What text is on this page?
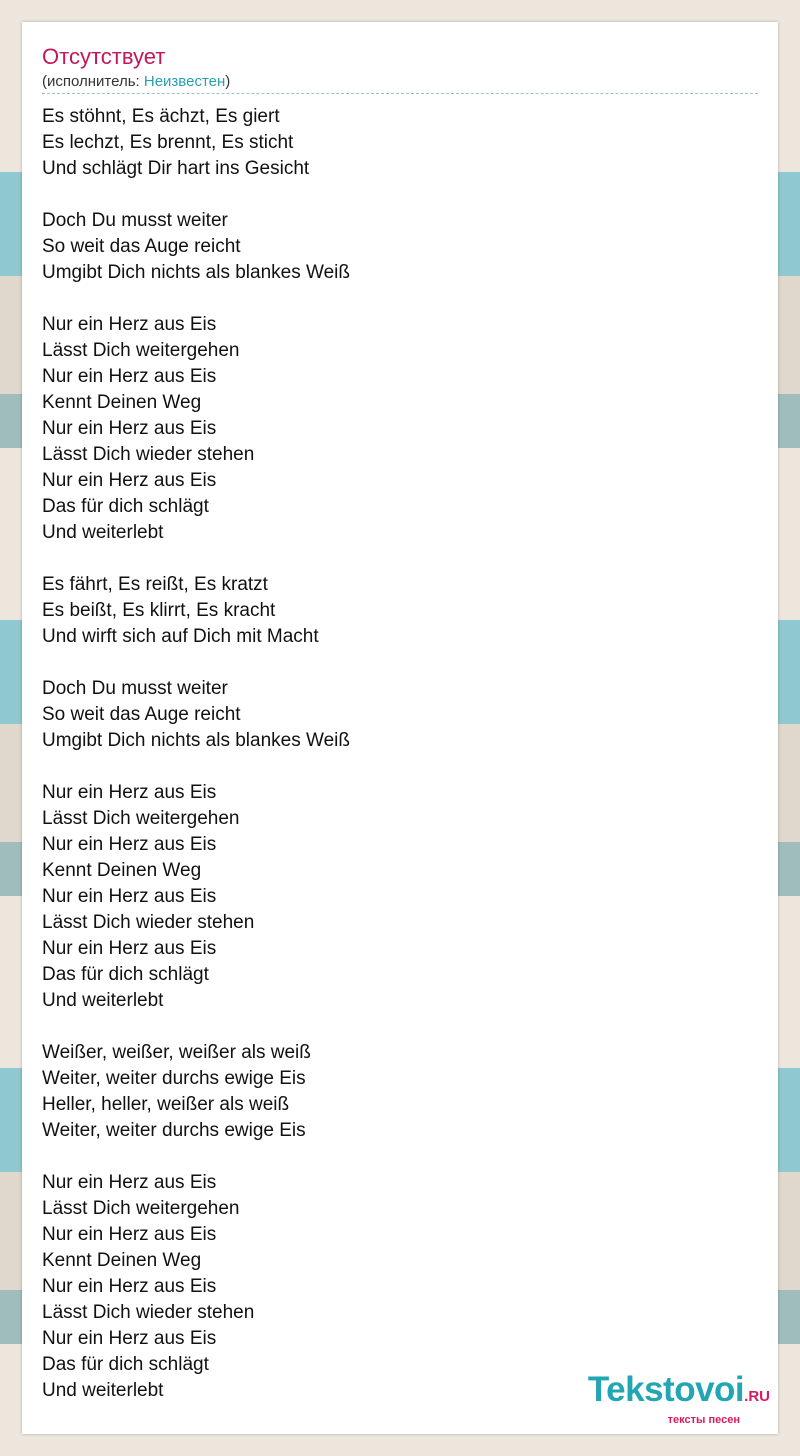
Отсутствует
(исполнитель: Неизвестен)
Es stöhnt, Es ächzt, Es giert
Es lechzt, Es brennt, Es sticht
Und schlägt Dir hart ins Gesicht
Doch Du musst weiter
So weit das Auge reicht
Umgibt Dich nichts als blankes Weiß
Nur ein Herz aus Eis
Lässt Dich weitergehen
Nur ein Herz aus Eis
Kennt Deinen Weg
Nur ein Herz aus Eis
Lässt Dich wieder stehen
Nur ein Herz aus Eis
Das für dich schlägt
Und weiterlebt
Es fährt, Es reißt, Es kratzt
Es beißt, Es klirrt, Es kracht
Und wirft sich auf Dich mit Macht
Doch Du musst weiter
So weit das Auge reicht
Umgibt Dich nichts als blankes Weiß
Nur ein Herz aus Eis
Lässt Dich weitergehen
Nur ein Herz aus Eis
Kennt Deinen Weg
Nur ein Herz aus Eis
Lässt Dich wieder stehen
Nur ein Herz aus Eis
Das für dich schlägt
Und weiterlebt
Weißer, weißer, weißer als weiß
Weiter, weiter durchs ewige Eis
Heller, heller, weißer als weiß
Weiter, weiter durchs ewige Eis
Nur ein Herz aus Eis
Lässt Dich weitergehen
Nur ein Herz aus Eis
Kennt Deinen Weg
Nur ein Herz aus Eis
Lässt Dich wieder stehen
Nur ein Herz aus Eis
Das für dich schlägt
Und weiterlebt	Tekstovoi.RU
тексты песен
